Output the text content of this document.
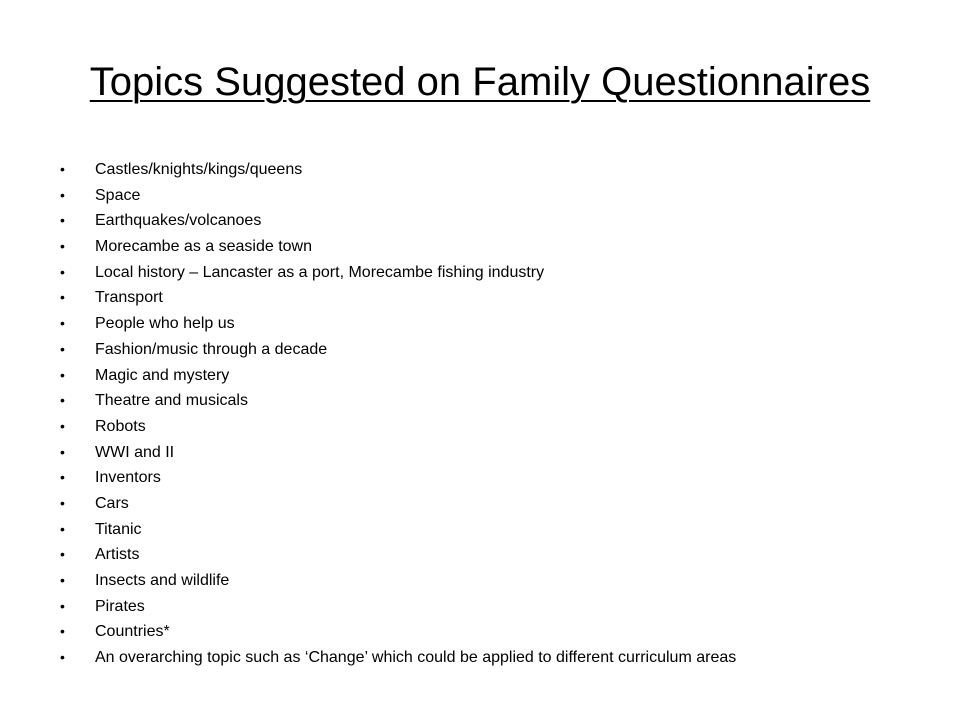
Topics Suggested on Family Questionnaires
•	Castles/knights/kings/queens
•	Space
•	Earthquakes/volcanoes
•	Morecambe as a seaside town
•	Local history – Lancaster as a port, Morecambe fishing industry
•	Transport
•	People who help us
•	Fashion/music through a decade
•	Magic and mystery
•	Theatre and musicals
•	Robots
•	WWI and II
•	Inventors
•	Cars
•	Titanic
•	Artists
•	Insects and wildlife
•	Pirates
•	Countries*
•	An overarching topic such as ‘Change’ which could be applied to different curriculum areas
